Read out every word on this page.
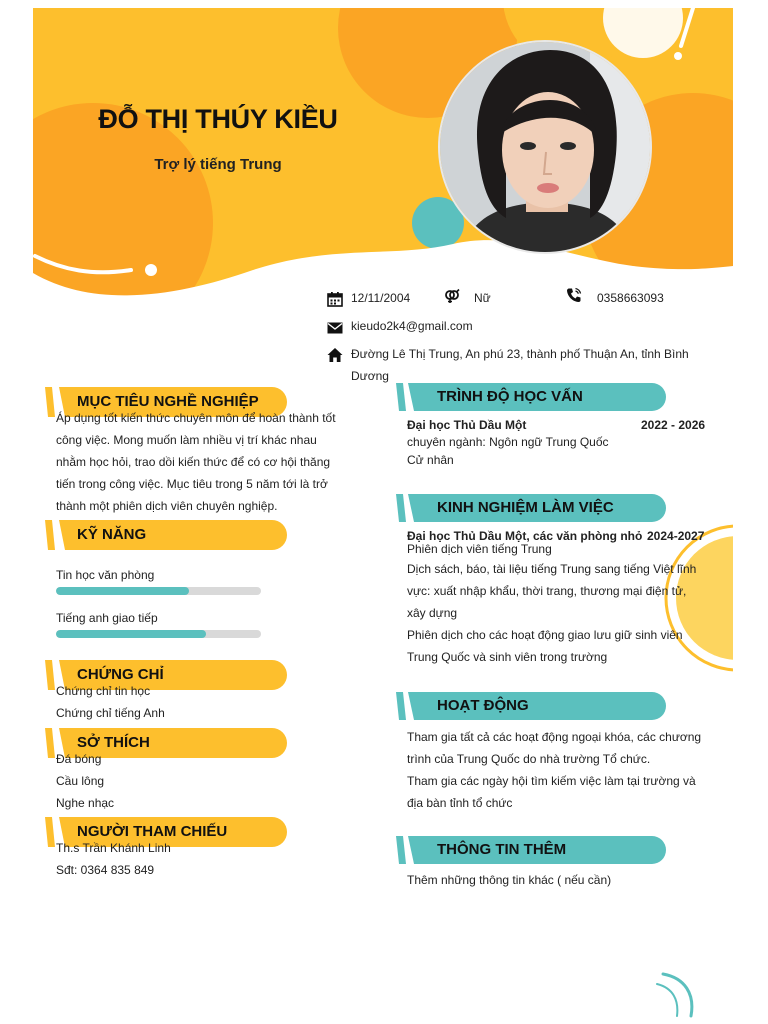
ĐỖ THỊ THÚY KIỀU
Trợ lý tiếng Trung
12/11/2004	Nữ	0358663093
kieudo2k4@gmail.com
Đường Lê Thị Trung, An phú 23, thành phố Thuận An, tỉnh Bình
Dương
MỤC TIÊU NGHỀ NGHIỆP
Áp dụng tốt kiến thức chuyên môn để hoàn thành tốt
công việc. Mong muốn làm nhiều vị trí khác nhau
nhằm học hỏi, trao dồi kiến thức để có cơ hội thăng
tiến trong công việc. Mục tiêu trong 5 năm tới là trở
thành một phiên dịch viên chuyên nghiệp.
KỸ NĂNG
Tin học văn phòng
Tiếng anh giao tiếp
CHỨNG CHỈ
Chứng chỉ tin học
Chứng chỉ tiếng Anh
SỞ THÍCH
Đá bóng
Cầu lông
Nghe nhạc
NGƯỜI THAM CHIẾU
Th.s Trần Khánh Linh
Sđt: 0364 835 849
TRÌNH ĐỘ HỌC VẤN
Đại học Thủ Dầu Một	2022 - 2026
chuyên ngành: Ngôn ngữ Trung Quốc
Cử nhân
KINH NGHIỆM LÀM VIỆC
Đại học Thủ Dầu Một, các văn phòng nhỏ 2024-2027
Phiên dịch viên tiếng Trung
Dịch sách, báo, tài liệu tiếng Trung sang tiếng Việt lĩnh
vực: xuất nhập khẩu, thời trang, thương mại điện tử,
xây dựng
Phiên dịch cho các hoạt động giao lưu giữ sinh viên
Trung Quốc và sinh viên trong trường
HOẠT ĐỘNG
Tham gia tất cả các hoạt động ngoại khóa, các chương
trình của Trung Quốc do nhà trường Tổ chức.
Tham gia các ngày hội tìm kiếm việc làm tại trường và
địa bàn tỉnh tổ chức
THÔNG TIN THÊM
Thêm những thông tin khác ( nếu cần)
